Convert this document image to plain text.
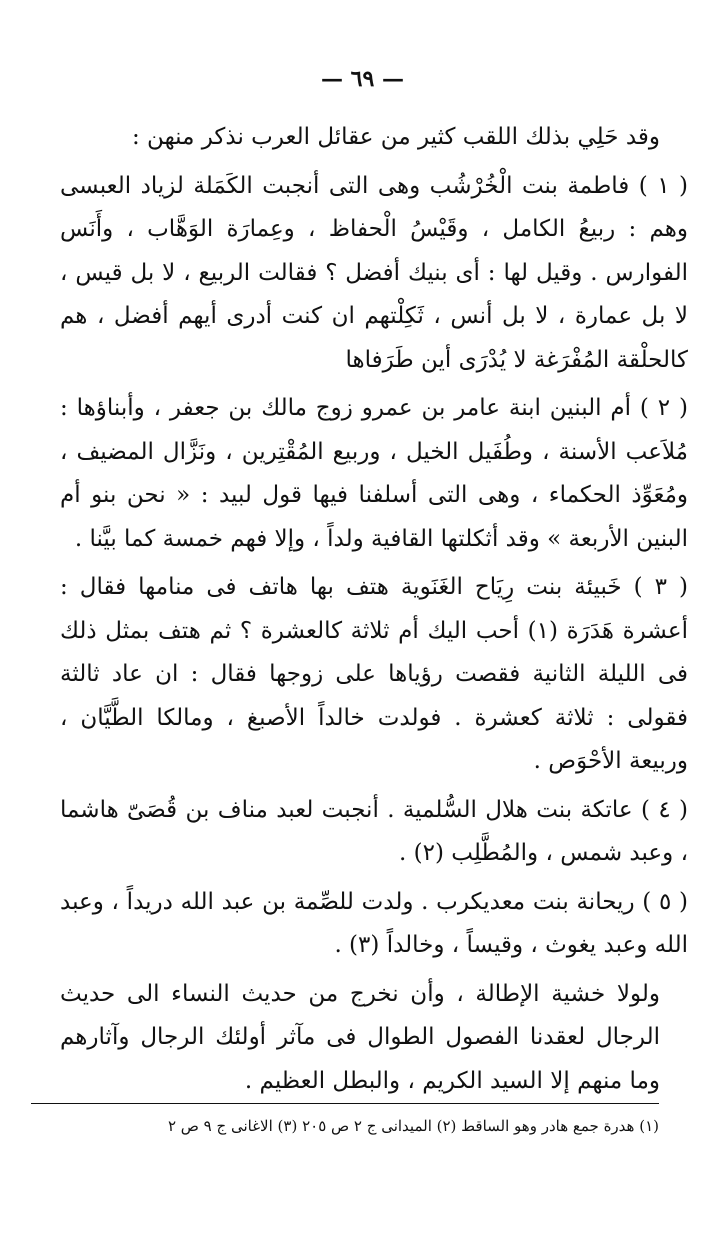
— ٦٩ —

وقد حَلِي بذلك اللقب كثير من عقائل العرب نذكر منهن :

( ١ ) فاطمة بنت الْخُرْشُب وهى التى أنجبت الكَمَلة لزياد العبسى وهم : ربيعُ الكامل ، وقَيْسُ الْحفاظ ، وعِمارَة الوَهَّاب ، وأَنَس الفوارس . وقيل لها : أى بنيك أفضل ؟ فقالت الربيع ، لا بل قيس ، لا بل عمارة ، لا بل أنس ، ثَكِلْتهم ان كنت أدرى أيهم أفضل ، هم كالحلْقة المُفْرَغة لا يُدْرَى أين طَرَفاها

( ٢ ) أم البنين ابنة عامر بن عمرو زوج مالك بن جعفر ، وأبناؤها : مُلاَعب الأسنة ، وطُفَيل الخيل ، وربيع المُقْتِرين ، ونَزَّال المضيف ، ومُعَوِّذ الحكماء ، وهى التى أسلفنا فيها قول لبيد : « نحن بنو أم البنين الأربعة » وقد أثكلتها القافية ولداً ، وإلا فهم خمسة كما بيَّنا .

( ٣ ) خَبيئة بنت رِيَاح الغَنَوية هتف بها هاتف فى منامها فقال : أعشرة هَدَرَة (١) أحب اليك أم ثلاثة كالعشرة ؟ ثم هتف بمثل ذلك فى الليلة الثانية فقصت رؤياها على زوجها فقال : ان عاد ثالثة فقولى : ثلاثة كعشرة . فولدت خالداً الأصبغ ، ومالكا الطَّيَّان ، وربيعة الأحْوَص .

( ٤ ) عاتكة بنت هلال السُّلمية . أنجبت لعبد مناف بن قُصَىّ هاشما ، وعبد شمس ، والمُطَّلِب (٢) .

( ٥ ) ريحانة بنت معديكرب . ولدت للصِّمة بن عبد الله دريداً ، وعبد الله وعبد يغوث ، وقيساً ، وخالداً (٣) .

ولولا خشية الإطالة ، وأن نخرج من حديث النساء الى حديث الرجال لعقدنا الفصول الطوال فى مآثر أولئك الرجال وآثارهم وما منهم إلا السيد الكريم ، والبطل العظيم .

(١) هدرة جمع هادر وهو الساقط (٢) الميدانى ج ٢ ص ٢٠٥ (٣) الاغانى ج ٩ ص ٢
